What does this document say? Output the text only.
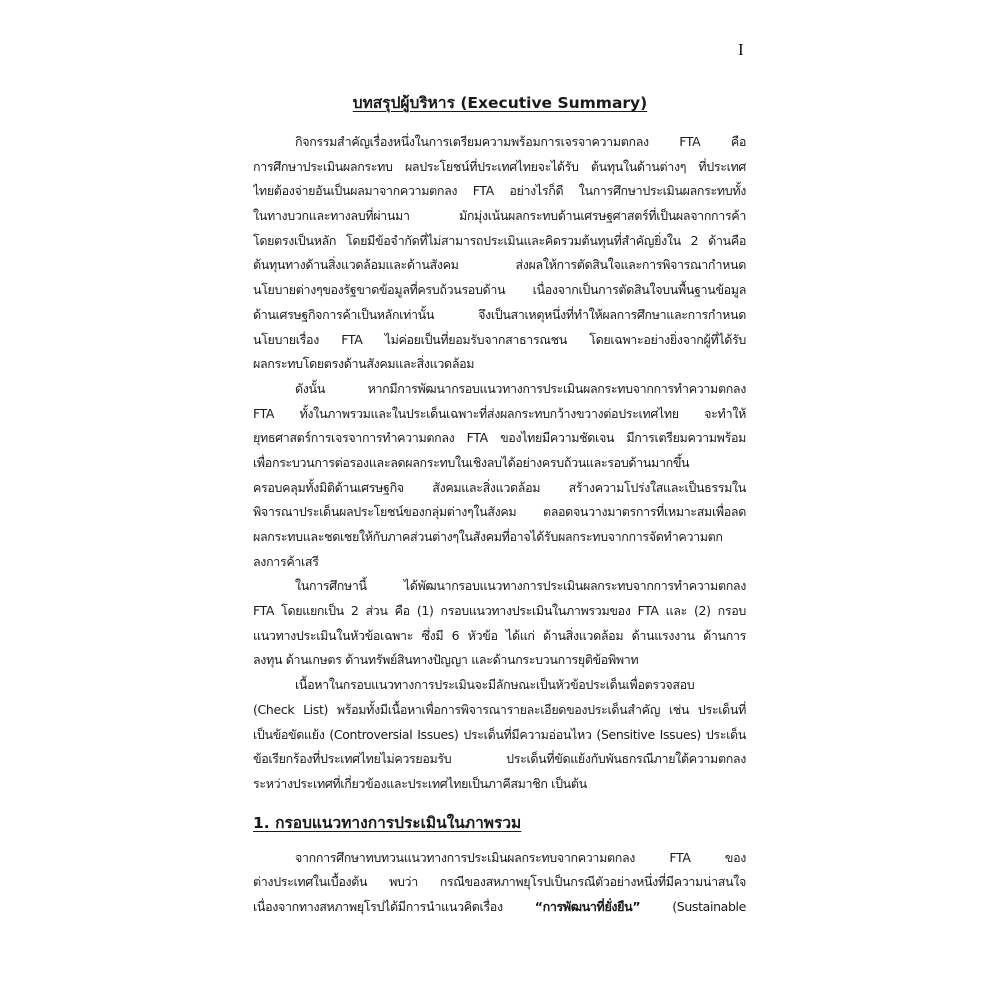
I
บทสรุปผู้บริหาร (Executive Summary)
กิจกรรมสำคัญเรื่องหนึ่งในการเตรียมความพร้อมการเจรจาความตกลง FTA คือ
การศึกษาประเมินผลกระทบ ผลประโยชน์ที่ประเทศไทยจะได้รับ ต้นทุนในด้านต่างๆ ที่ประเทศ
ไทยต้องจ่ายอันเป็นผลมาจากความตกลง FTA อย่างไรก็ดี ในการศึกษาประเมินผลกระทบทั้ง
ในทางบวกและทางลบที่ผ่านมา มักมุ่งเน้นผลกระทบด้านเศรษฐศาสตร์ที่เป็นผลจากการค้า
โดยตรงเป็นหลัก โดยมีข้อจำกัดที่ไม่สามารถประเมินและคิดรวมต้นทุนที่สำคัญยิ่งใน 2 ด้านคือ
ต้นทุนทางด้านสิ่งแวดล้อมและด้านสังคม ส่งผลให้การตัดสินใจและการพิจารณากำหนด
นโยบายต่างๆของรัฐขาดข้อมูลที่ครบถ้วนรอบด้าน เนื่องจากเป็นการตัดสินใจบนพื้นฐานข้อมูล
ด้านเศรษฐกิจการค้าเป็นหลักเท่านั้น จึงเป็นสาเหตุหนึ่งที่ทำให้ผลการศึกษาและการกำหนด
นโยบายเรื่อง FTA ไม่ค่อยเป็นที่ยอมรับจากสาธารณชน โดยเฉพาะอย่างยิ่งจากผู้ที่ได้รับ
ผลกระทบโดยตรงด้านสังคมและสิ่งแวดล้อม
ดังนั้น หากมีการพัฒนากรอบแนวทางการประเมินผลกระทบจากการทำความตกลง
FTA ทั้งในภาพรวมและในประเด็นเฉพาะที่ส่งผลกระทบกว้างขวางต่อประเทศไทย จะทำให้
ยุทธศาสตร์การเจรจาการทำความตกลง FTA ของไทยมีความชัดเจน มีการเตรียมความพร้อม
เพื่อกระบวนการต่อรองและลดผลกระทบในเชิงลบได้อย่างครบถ้วนและรอบด้านมากขึ้น
ครอบคลุมทั้งมิติด้านเศรษฐกิจ สังคมและสิ่งแวดล้อม สร้างความโปร่งใสและเป็นธรรมใน
พิจารณาประเด็นผลประโยชน์ของกลุ่มต่างๆในสังคม ตลอดจนวางมาตรการที่เหมาะสมเพื่อลด
ผลกระทบและชดเชยให้กับภาคส่วนต่างๆในสังคมที่อาจได้รับผลกระทบจากการจัดทำความตก
ลงการค้าเสรี
ในการศึกษานี้ ได้พัฒนากรอบแนวทางการประเมินผลกระทบจากการทำความตกลง
FTA โดยแยกเป็น 2 ส่วน คือ (1) กรอบแนวทางประเมินในภาพรวมของ FTA และ (2) กรอบ
แนวทางประเมินในหัวข้อเฉพาะ ซึ่งมี 6 หัวข้อ ได้แก่ ด้านสิ่งแวดล้อม ด้านแรงงาน ด้านการ
ลงทุน ด้านเกษตร ด้านทรัพย์สินทางปัญญา และด้านกระบวนการยุติข้อพิพาท
เนื้อหาในกรอบแนวทางการประเมินจะมีลักษณะเป็นหัวข้อประเด็นเพื่อตรวจสอบ
(Check List) พร้อมทั้งมีเนื้อหาเพื่อการพิจารณารายละเอียดของประเด็นสำคัญ เช่น ประเด็นที่
เป็นข้อขัดแย้ง (Controversial Issues) ประเด็นที่มีความอ่อนไหว (Sensitive Issues) ประเด็น
ข้อเรียกร้องที่ประเทศไทยไม่ควรยอมรับ ประเด็นที่ขัดแย้งกับพันธกรณีภายใต้ความตกลง
ระหว่างประเทศที่เกี่ยวข้องและประเทศไทยเป็นภาคีสมาชิก เป็นต้น
1. กรอบแนวทางการประเมินในภาพรวม
จากการศึกษาทบทวนแนวทางการประเมินผลกระทบจากความตกลง FTA ของ
ต่างประเทศในเบื้องต้น พบว่า กรณีของสหภาพยุโรปเป็นกรณีตัวอย่างหนึ่งที่มีความน่าสนใจ
เนื่องจากทางสหภาพยุโรปได้มีการนำแนวคิดเรื่อง “การพัฒนาที่ยั่งยืน” (Sustainable
